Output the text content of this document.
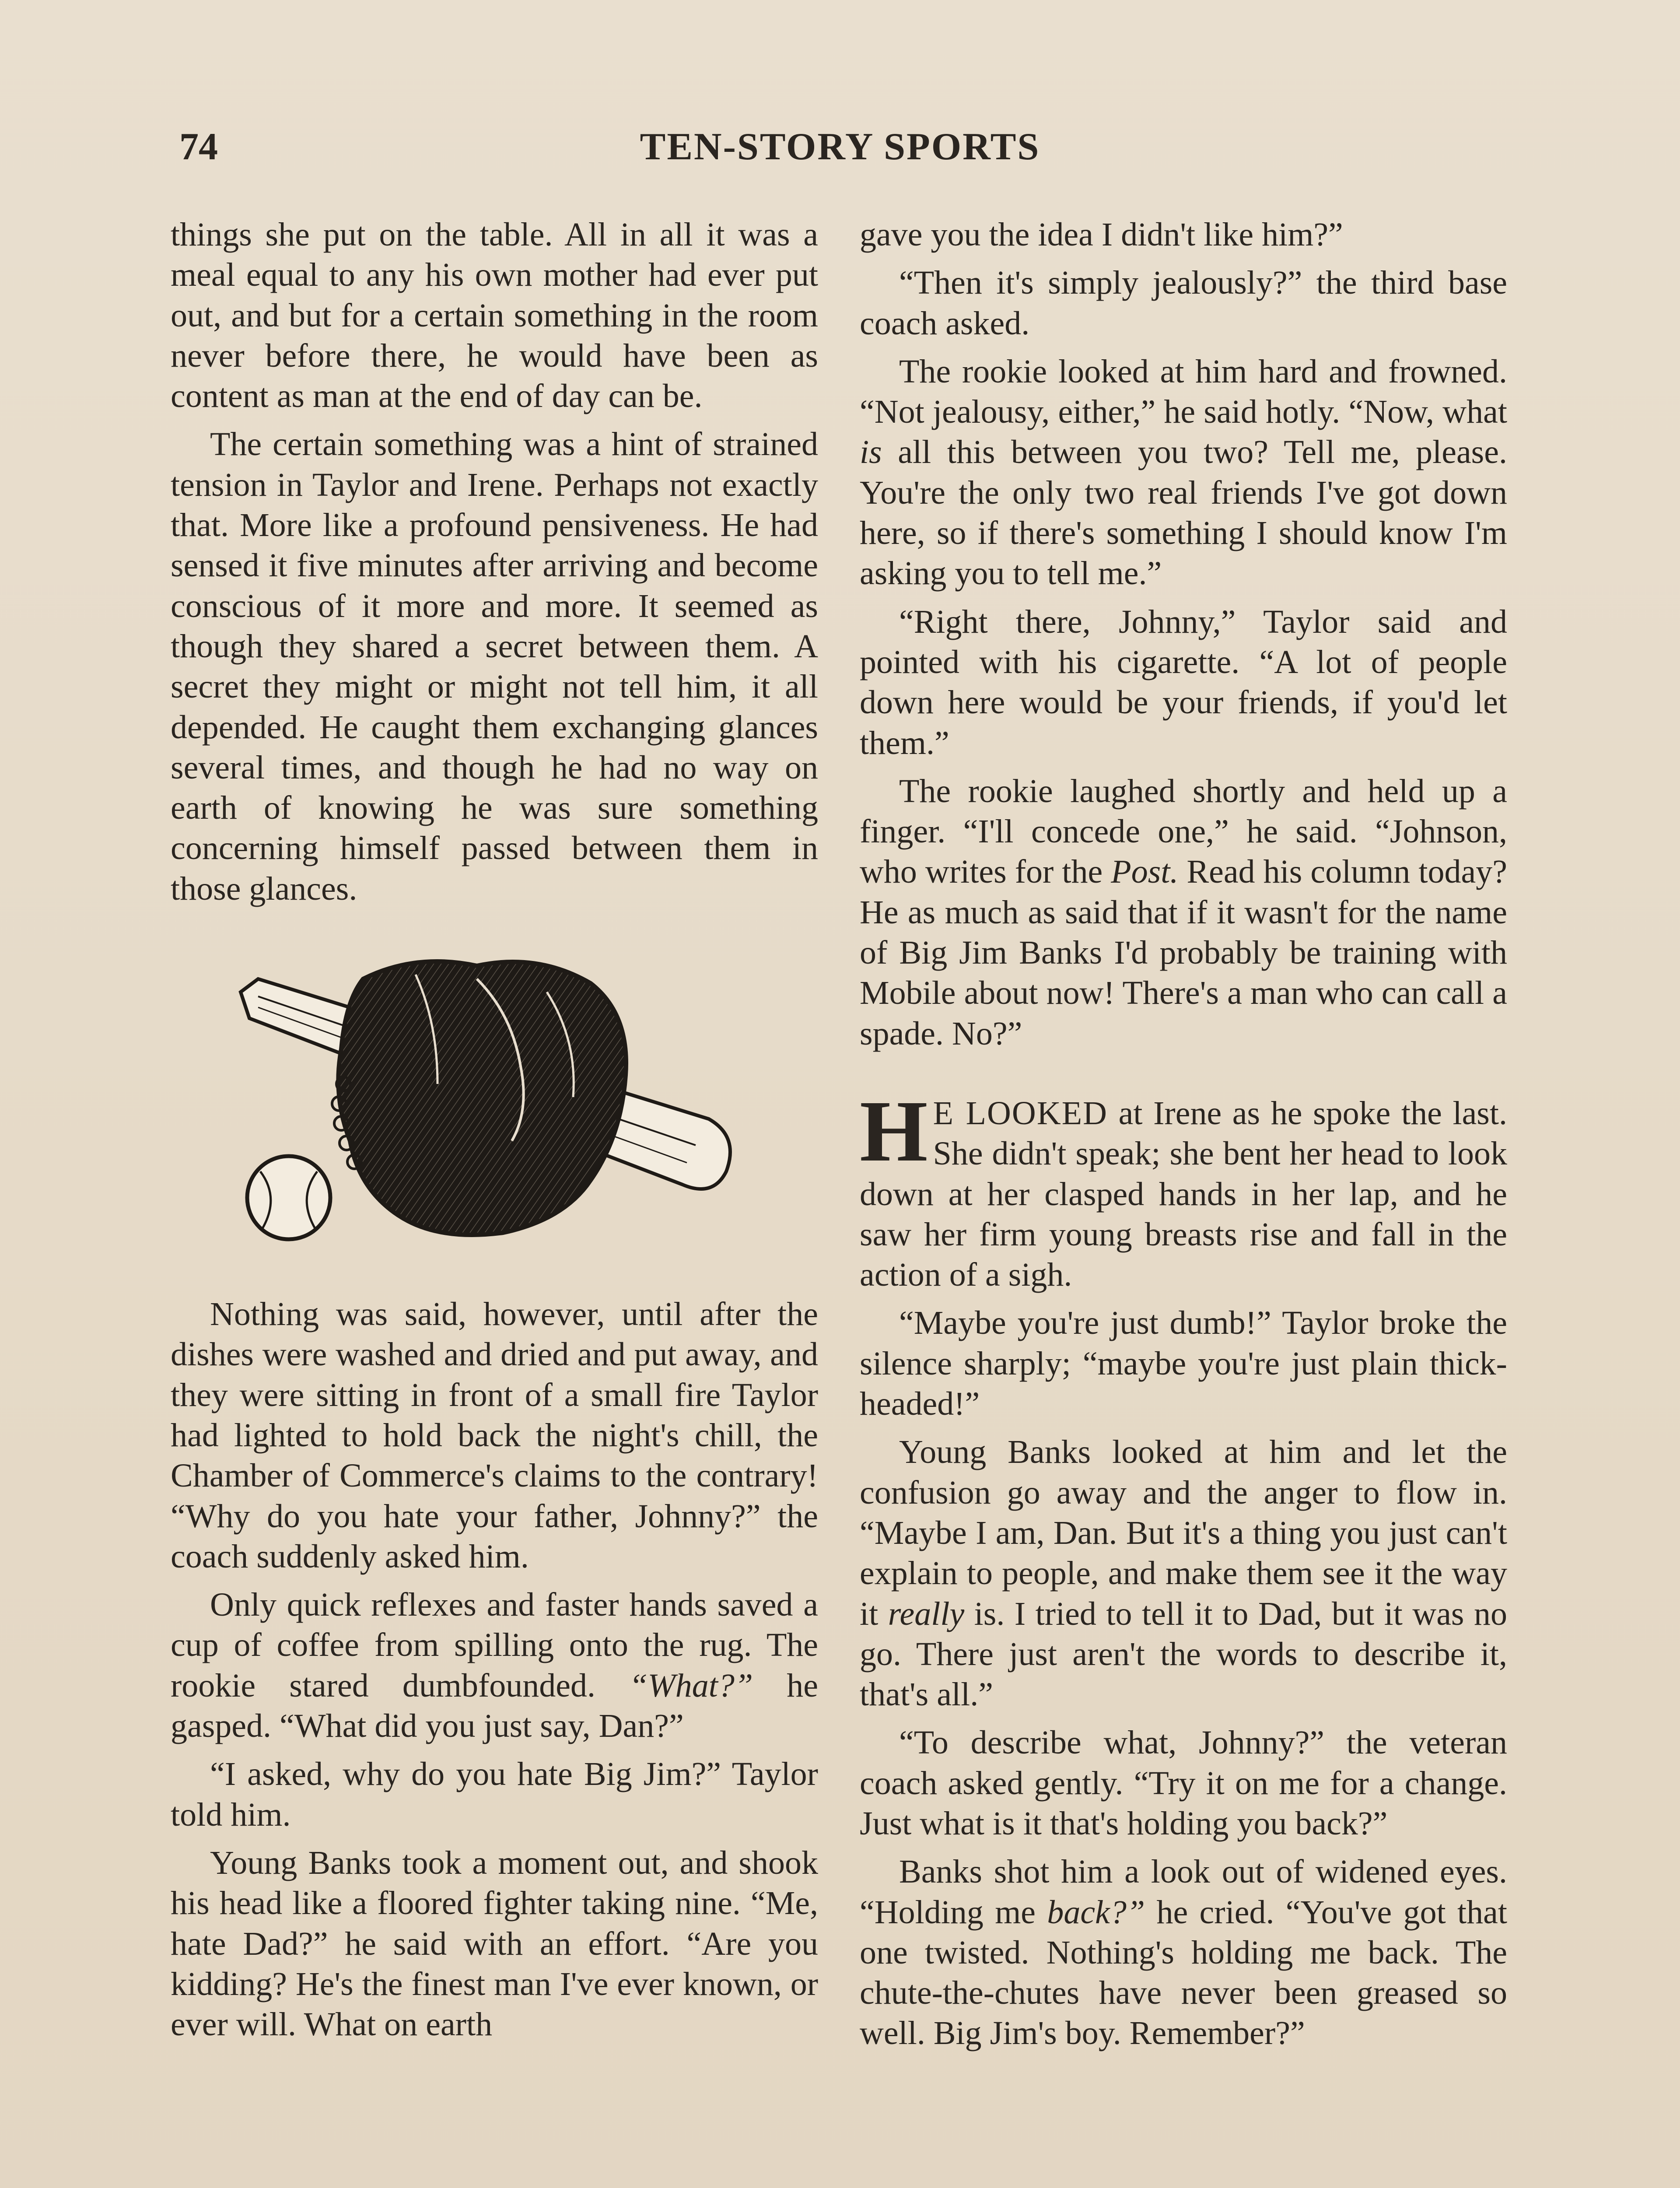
74	TEN-STORY SPORTS

things she put on the table. All in all it was a meal equal to any his own mother had ever put out, and but for a certain something in the room never before there, he would have been as content as man at the end of day can be.

The certain something was a hint of strained tension in Taylor and Irene. Perhaps not exactly that. More like a profound pensiveness. He had sensed it five minutes after arriving and become conscious of it more and more. It seemed as though they shared a secret between them. A secret they might or might not tell him, it all depended. He caught them exchanging glances several times, and though he had no way on earth of knowing he was sure something concerning himself passed between them in those glances.

Nothing was said, however, until after the dishes were washed and dried and put away, and they were sitting in front of a small fire Taylor had lighted to hold back the night's chill, the Chamber of Commerce's claims to the contrary! “Why do you hate your father, Johnny?” the coach suddenly asked him.

Only quick reflexes and faster hands saved a cup of coffee from spilling onto the rug. The rookie stared dumbfounded. “What?” he gasped. “What did you just say, Dan?”

“I asked, why do you hate Big Jim?” Taylor told him.

Young Banks took a moment out, and shook his head like a floored fighter taking nine. “Me, hate Dad?” he said with an effort. “Are you kidding? He's the finest man I've ever known, or ever will. What on earth

gave you the idea I didn't like him?”

“Then it's simply jealously?” the third base coach asked.

The rookie looked at him hard and frowned. “Not jealousy, either,” he said hotly. “Now, what is all this between you two? Tell me, please. You're the only two real friends I've got down here, so if there's something I should know I'm asking you to tell me.”

“Right there, Johnny,” Taylor said and pointed with his cigarette. “A lot of people down here would be your friends, if you'd let them.”

The rookie laughed shortly and held up a finger. “I'll concede one,” he said. “Johnson, who writes for the Post. Read his column today? He as much as said that if it wasn't for the name of Big Jim Banks I'd probably be training with Mobile about now! There's a man who can call a spade. No?”

H E LOOKED at Irene as he spoke the last. She didn't speak; she bent her head to look down at her clasped hands in her lap, and he saw her firm young breasts rise and fall in the action of a sigh.

“Maybe you're just dumb!” Taylor broke the silence sharply; “maybe you're just plain thick-headed!”

Young Banks looked at him and let the confusion go away and the anger to flow in. “Maybe I am, Dan. But it's a thing you just can't explain to people, and make them see it the way it really is. I tried to tell it to Dad, but it was no go. There just aren't the words to describe it, that's all.”

“To describe what, Johnny?” the veteran coach asked gently. “Try it on me for a change. Just what is it that's holding you back?”

Banks shot him a look out of widened eyes. “Holding me back?” he cried. “You've got that one twisted. Nothing's holding me back. The chute-the-chutes have never been greased so well. Big Jim's boy. Remember?”
